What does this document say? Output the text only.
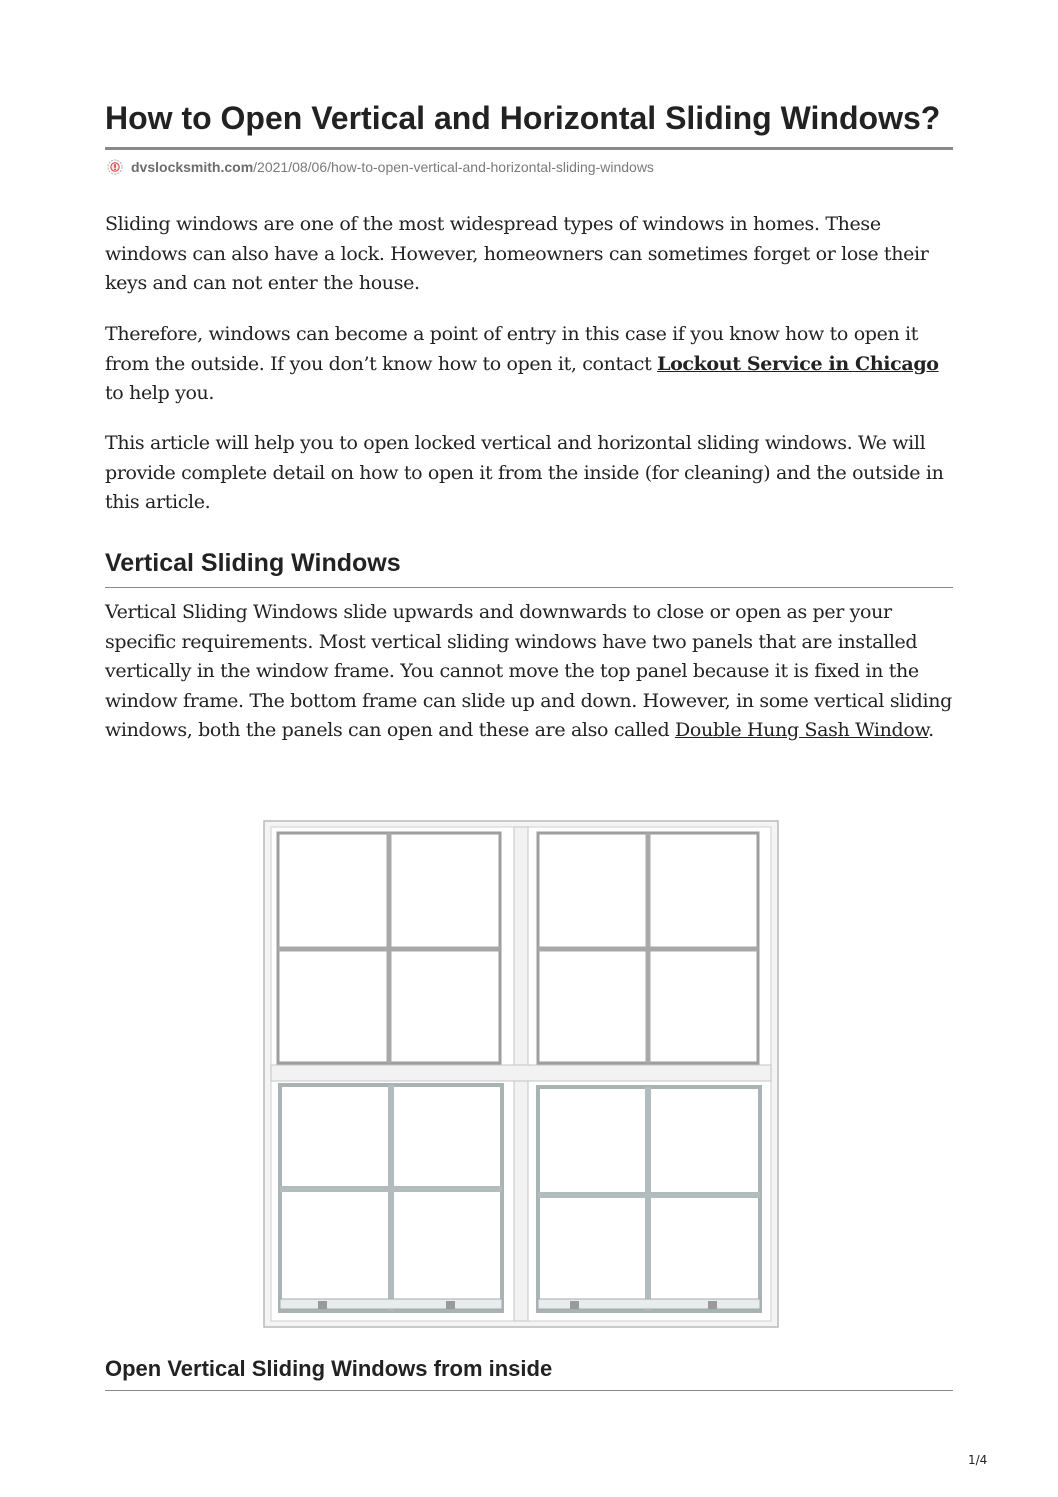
How to Open Vertical and Horizontal Sliding Windows?
dvslocksmith.com /2021/08/06/how-to-open-vertical-and-horizontal-sliding-windows

Sliding windows are one of the most widespread types of windows in homes. These windows can also have a lock. However, homeowners can sometimes forget or lose their keys and can not enter the house.

Therefore, windows can become a point of entry in this case if you know how to open it from the outside. If you don’t know how to open it, contact Lockout Service in Chicago to help you.

This article will help you to open locked vertical and horizontal sliding windows. We will provide complete detail on how to open it from the inside (for cleaning) and the outside in this article.

Vertical Sliding Windows

Vertical Sliding Windows slide upwards and downwards to close or open as per your specific requirements. Most vertical sliding windows have two panels that are installed vertically in the window frame. You cannot move the top panel because it is fixed in the window frame. The bottom frame can slide up and down. However, in some vertical sliding windows, both the panels can open and these are also called Double Hung Sash Window.

Open Vertical Sliding Windows from inside
1/4
